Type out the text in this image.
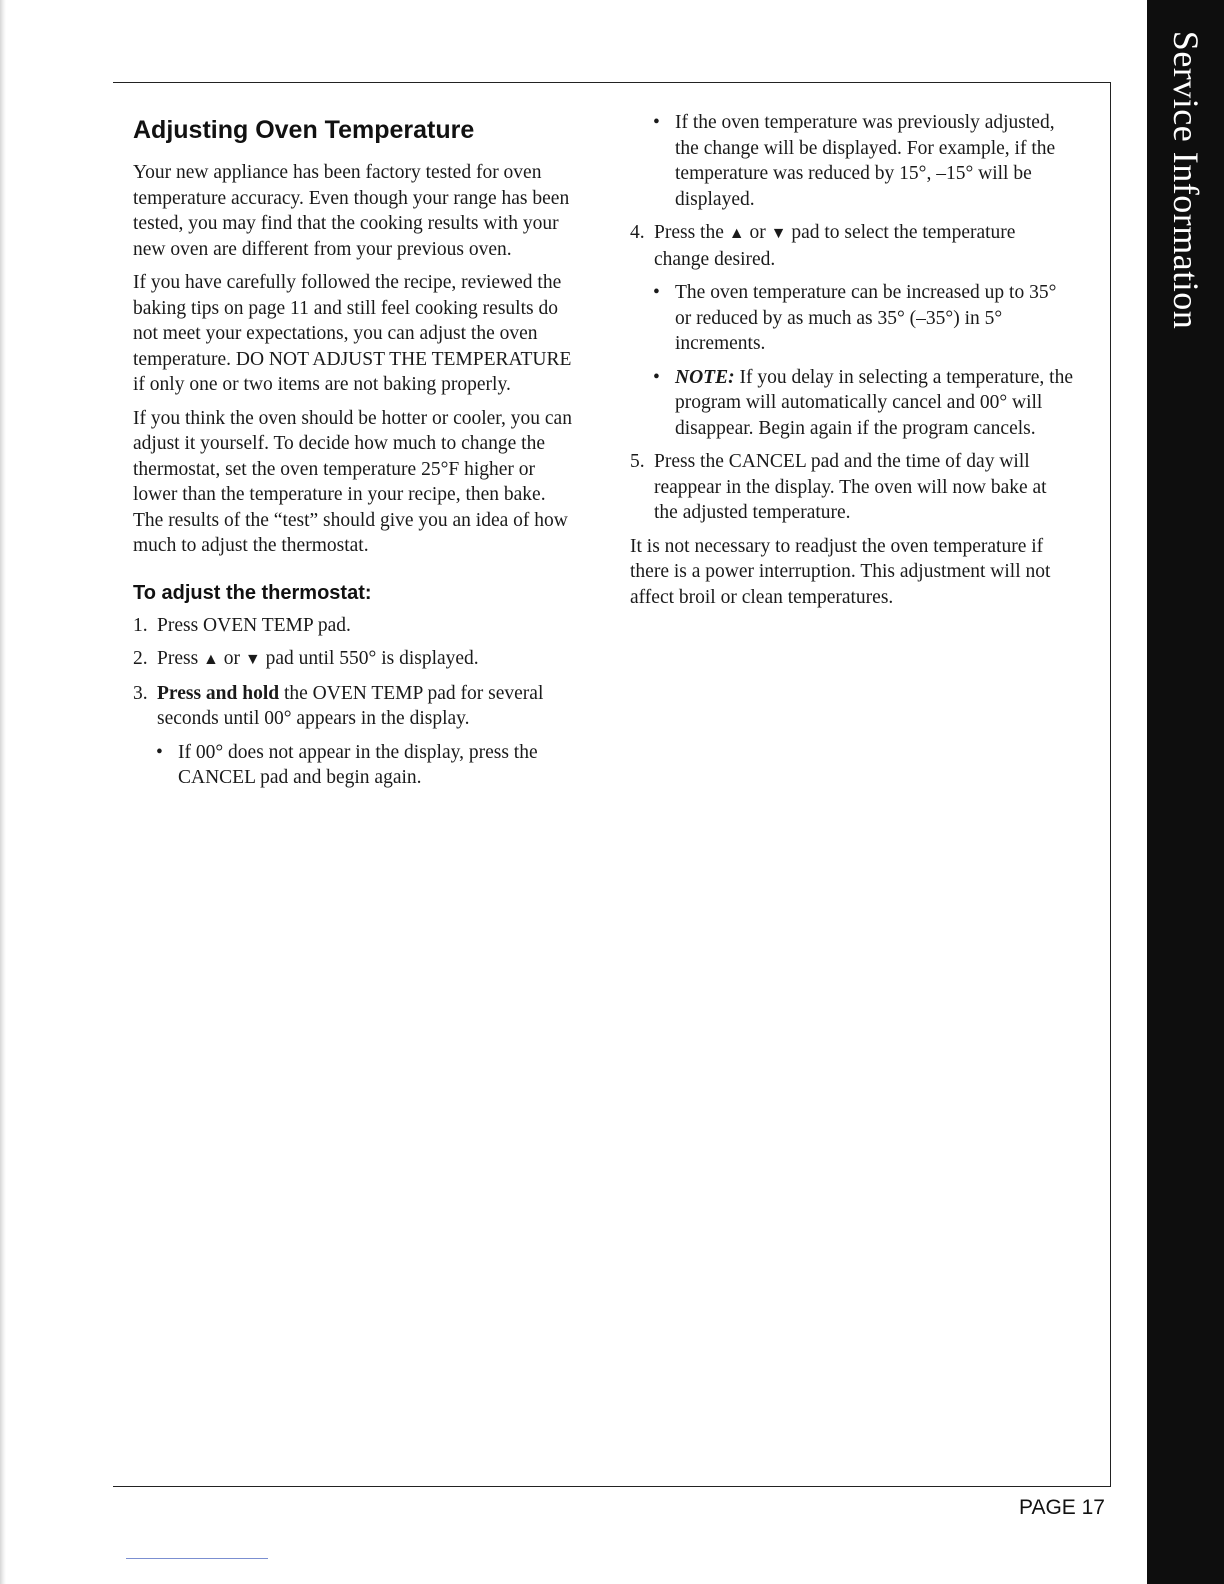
Service Information
Adjusting Oven Temperature

Your new appliance has been factory tested for oven temperature accuracy. Even though your range has been tested, you may find that the cooking results with your new oven are different from your previous oven.

If you have carefully followed the recipe, reviewed the baking tips on page 11 and still feel cooking results do not meet your expectations, you can adjust the oven temperature. DO NOT ADJUST THE TEMPERATURE if only one or two items are not baking properly.

If you think the oven should be hotter or cooler, you can adjust it yourself. To decide how much to change the thermostat, set the oven temperature 25°F higher or lower than the temperature in your recipe, then bake. The results of the “test” should give you an idea of how much to adjust the thermostat.

To adjust the thermostat:
1. Press OVEN TEMP pad.
2. Press ▲ or ▼ pad until 550° is displayed.
3. Press and hold the OVEN TEMP pad for several seconds until 00° appears in the display.
• If 00° does not appear in the display, press the CANCEL pad and begin again.
• If the oven temperature was previously adjusted, the change will be displayed. For example, if the temperature was reduced by 15°, –15° will be displayed.
4. Press the ▲ or ▼ pad to select the temperature change desired.
• The oven temperature can be increased up to 35° or reduced by as much as 35° (–35°) in 5° increments.
• NOTE: If you delay in selecting a temperature, the program will automatically cancel and 00° will disappear. Begin again if the program cancels.
5. Press the CANCEL pad and the time of day will reappear in the display. The oven will now bake at the adjusted temperature.

It is not necessary to readjust the oven temperature if there is a power interruption. This adjustment will not affect broil or clean temperatures.

PAGE 17
